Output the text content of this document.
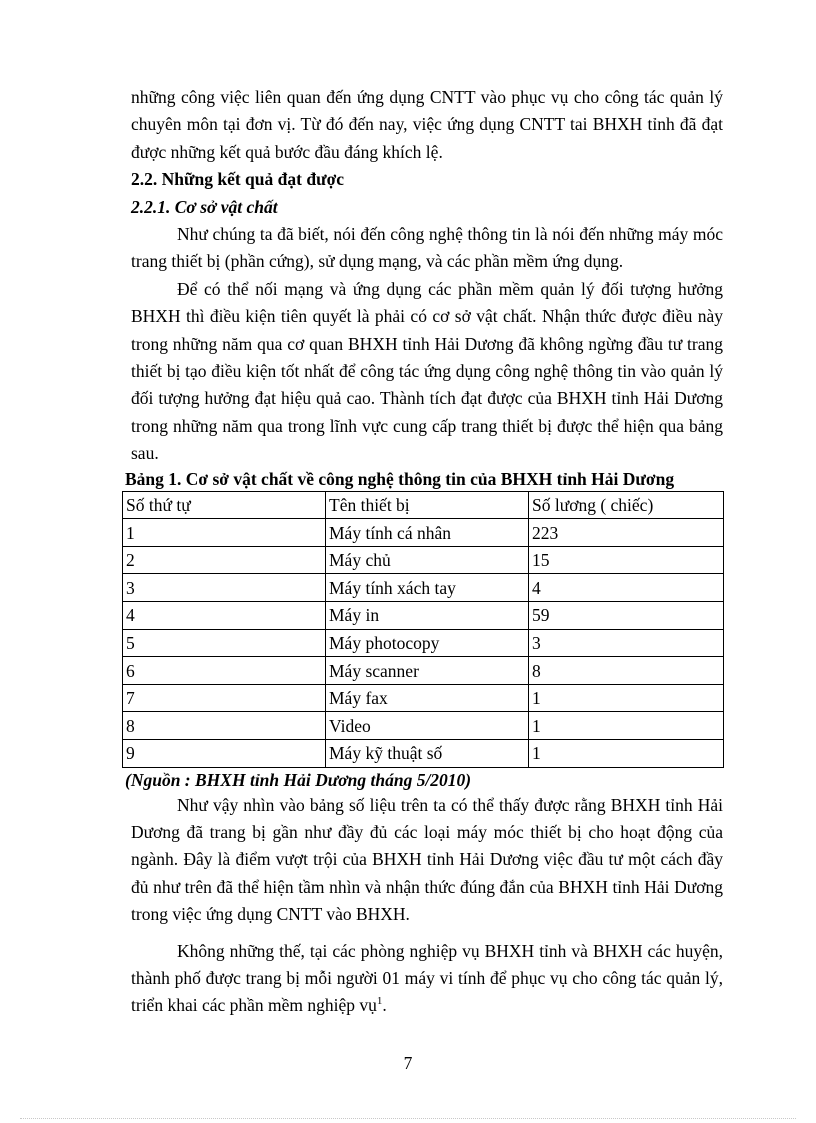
những công việc liên quan đến ứng dụng CNTT vào phục vụ cho công tác quản lý chuyên môn tại đơn vị. Từ đó đến nay, việc ứng dụng CNTT tai BHXH tỉnh đã đạt được những kết quả bước đầu đáng khích lệ.

2.2. Những kết quả đạt được

2.2.1. Cơ sở vật chất

Như chúng ta đã biết, nói đến công nghệ thông tin là nói đến những máy móc trang thiết bị (phần cứng), sử dụng mạng, và các phần mềm ứng dụng.

Để có thể nối mạng và ứng dụng các phần mềm quản lý đối tượng hưởng BHXH thì điều kiện tiên quyết là phải có cơ sở vật chất. Nhận thức được điều này trong những năm qua cơ quan BHXH tỉnh Hải Dương đã không ngừng đầu tư trang thiết bị tạo điều kiện tốt nhất để công tác ứng dụng công nghệ thông tin vào quản lý đối tượng hưởng đạt hiệu quả cao. Thành tích đạt được của BHXH tỉnh Hải Dương trong những năm qua trong lĩnh vực cung cấp trang thiết bị được thể hiện qua bảng sau.

Bảng 1. Cơ sở vật chất về công nghệ thông tin của BHXH tỉnh Hải Dương

Số thứ tự	Tên thiết bị	Số lương ( chiếc)
1	Máy tính cá nhân	223
2	Máy chủ	15
3	Máy tính xách tay	4
4	Máy in	59
5	Máy photocopy	3
6	Máy scanner	8
7	Máy fax	1
8	Video	1
9	Máy kỹ thuật số	1

(Nguồn : BHXH tỉnh Hải Dương tháng 5/2010)

Như vậy nhìn vào bảng số liệu trên ta có thể thấy được rằng BHXH tỉnh Hải Dương đã trang bị gần như đầy đủ các loại máy móc thiết bị cho hoạt động của ngành. Đây là điểm vượt trội của BHXH tỉnh Hải Dương việc đầu tư một cách đầy đủ như trên đã thể hiện tầm nhìn và nhận thức đúng đắn của BHXH tỉnh Hải Dương trong việc ứng dụng CNTT vào BHXH.

Không những thế, tại các phòng nghiệp vụ BHXH tỉnh và BHXH các huyện, thành phố được trang bị mỗi người 01 máy vi tính để phục vụ cho công tác quản lý, triển khai các phần mềm nghiệp vụ$^1$.

7
